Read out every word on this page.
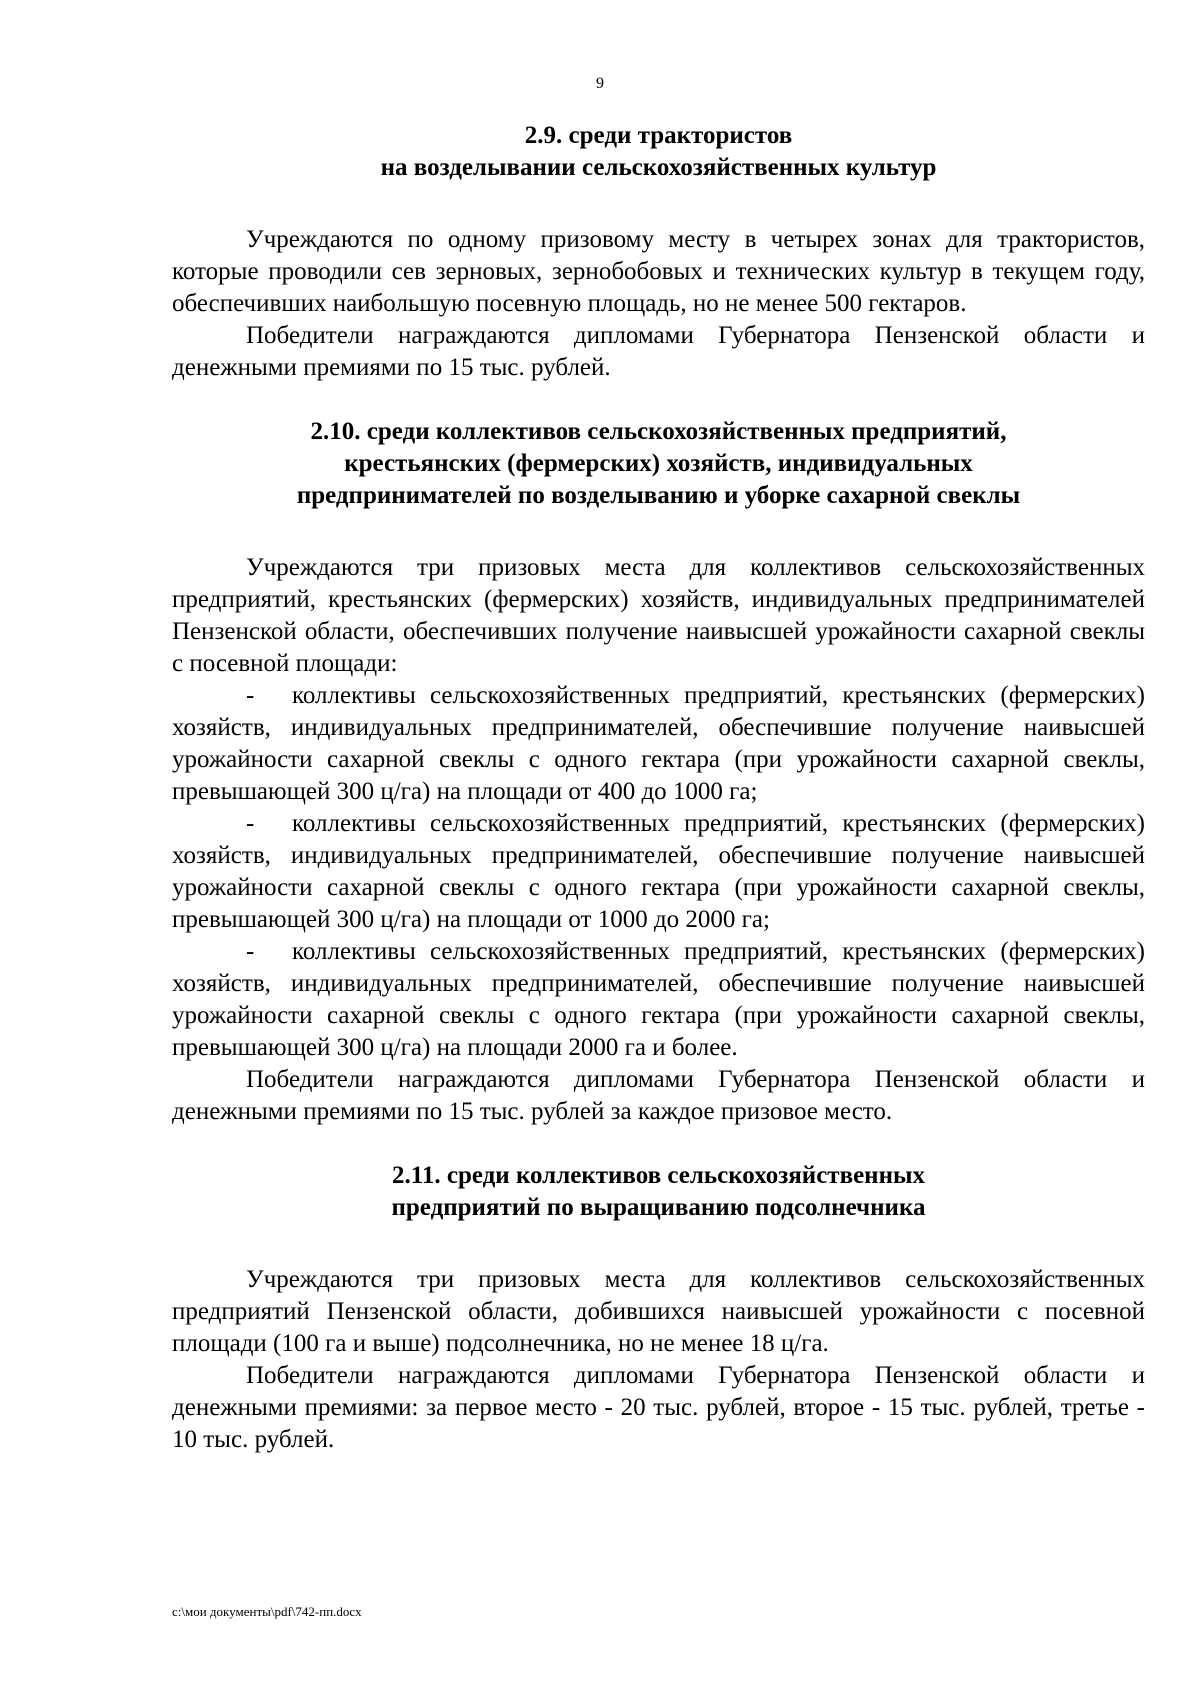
9
2.9. среди трактористов
на возделывании сельскохозяйственных культур

Учреждаются по одному призовому месту в четырех зонах для трактористов, которые проводили сев зерновых, зернобобовых и технических культур в текущем году, обеспечивших наибольшую посевную площадь, но не менее 500 гектаров.

Победители награждаются дипломами Губернатора Пензенской области и денежными премиями по 15 тыс. рублей.

2.10. среди коллективов сельскохозяйственных предприятий,
крестьянских (фермерских) хозяйств, индивидуальных
предпринимателей по возделыванию и уборке сахарной свеклы

Учреждаются три призовых места для коллективов сельскохозяйственных предприятий, крестьянских (фермерских) хозяйств, индивидуальных предпринимателей Пензенской области, обеспечивших получение наивысшей урожайности сахарной свеклы с посевной площади:

- коллективы сельскохозяйственных предприятий, крестьянских (фермерских) хозяйств, индивидуальных предпринимателей, обеспечившие получение наивысшей урожайности сахарной свеклы с одного гектара (при урожайности сахарной свеклы, превышающей 300 ц/га) на площади от 400 до 1000 га;

- коллективы сельскохозяйственных предприятий, крестьянских (фермерских) хозяйств, индивидуальных предпринимателей, обеспечившие получение наивысшей урожайности сахарной свеклы с одного гектара (при урожайности сахарной свеклы, превышающей 300 ц/га) на площади от 1000 до 2000 га;

- коллективы сельскохозяйственных предприятий, крестьянских (фермерских) хозяйств, индивидуальных предпринимателей, обеспечившие получение наивысшей урожайности сахарной свеклы с одного гектара (при урожайности сахарной свеклы, превышающей 300 ц/га) на площади 2000 га и более.

Победители награждаются дипломами Губернатора Пензенской области и денежными премиями по 15 тыс. рублей за каждое призовое место.

2.11. среди коллективов сельскохозяйственных
предприятий по выращиванию подсолнечника

Учреждаются три призовых места для коллективов сельскохозяйственных предприятий Пензенской области, добившихся наивысшей урожайности с посевной площади (100 га и выше) подсолнечника, но не менее 18 ц/га.

Победители награждаются дипломами Губернатора Пензенской области и денежными премиями: за первое место - 20 тыс. рублей, второе - 15 тыс. рублей, третье - 10 тыс. рублей.

c:\мои документы\pdf\742-пп.docx
